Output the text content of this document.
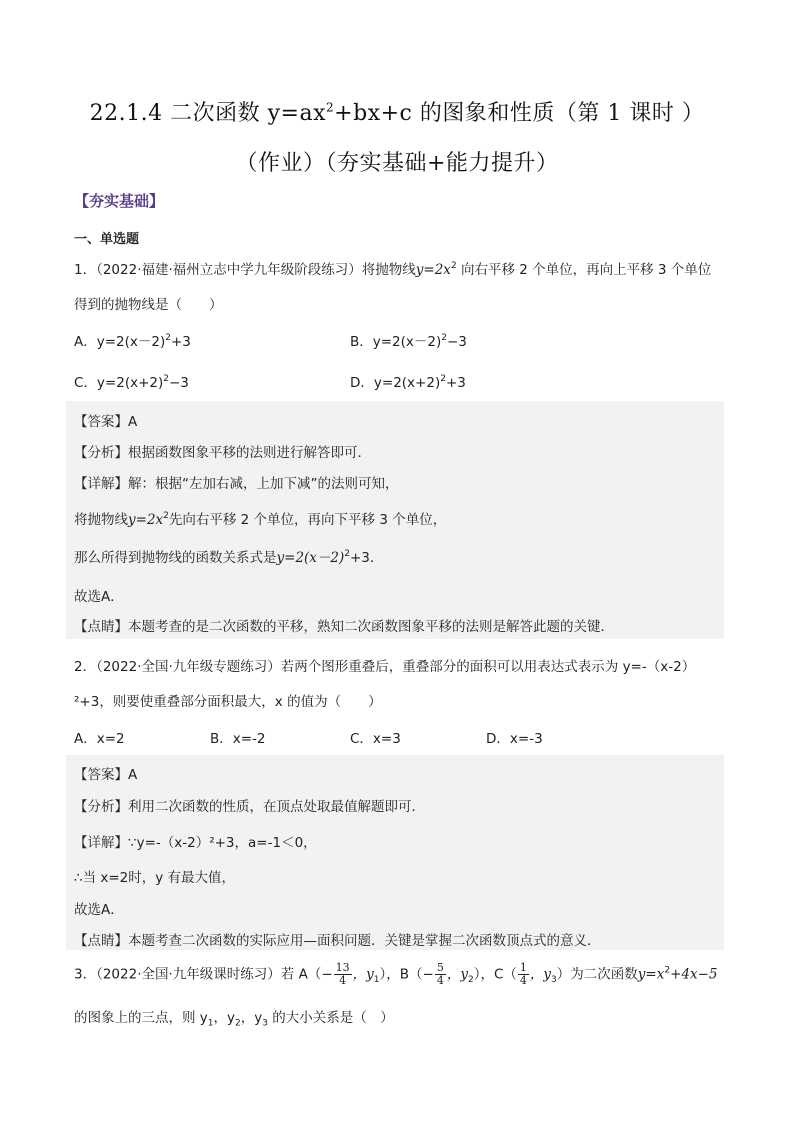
22.1.4 二次函数 $y=ax^2+bx+c$ 的图象和性质（第 1 课时 ）
（作业）（夯实基础+能力提升）
【夯实基础】
一、单选题
1．（2022·福建·福州立志中学九年级阶段练习）将抛物线$y=2x^2$ 向右平移 2 个单位，再向上平移 3 个单位
得到的抛物线是（　　）
A．$y=2(x-2)^2+3$	B．$y=2(x-2)^2-3$
C．$y=2(x+2)^2-3$	D．$y=2(x+2)^2+3$
【答案】A
【分析】根据函数图象平移的法则进行解答即可．
【详解】解：根据“左加右减，上加下减”的法则可知，
将抛物线$y=2x^2$先向右平移 2 个单位，再向下平移 3 个单位，
那么所得到抛物线的函数关系式是$y=2(x-2)^2+3$．
故选A．
【点睛】本题考查的是二次函数的平移，熟知二次函数图象平移的法则是解答此题的关键．
2．（2022·全国·九年级专题练习）若两个图形重叠后，重叠部分的面积可以用表达式表示为 y=-（x-2）
²+3，则要使重叠部分面积最大，x 的值为（　　）
A．x=2	B．x=-2	C．x=3	D．x=-3
【答案】A
【分析】利用二次函数的性质，在顶点处取最值解题即可．
【详解】∵y=-（x-2）²+3，a=-1＜0，
∴当 x=2时，y 有最大值，
故选A．
【点睛】本题考查二次函数的实际应用—面积问题．关键是掌握二次函数顶点式的意义．
3．（2022·全国·九年级课时练习）若 $A(- \frac{13}{4}$ ，$y_1$），$B(- \frac{5}{4}$ ，$y_2$），$C( \frac{1}{4}$ ，$y_3$）为二次函数$y=x^2+4x-5$
的图象上的三点，则 $y_1$，$y_2$，$y_3$ 的大小关系是（　）
